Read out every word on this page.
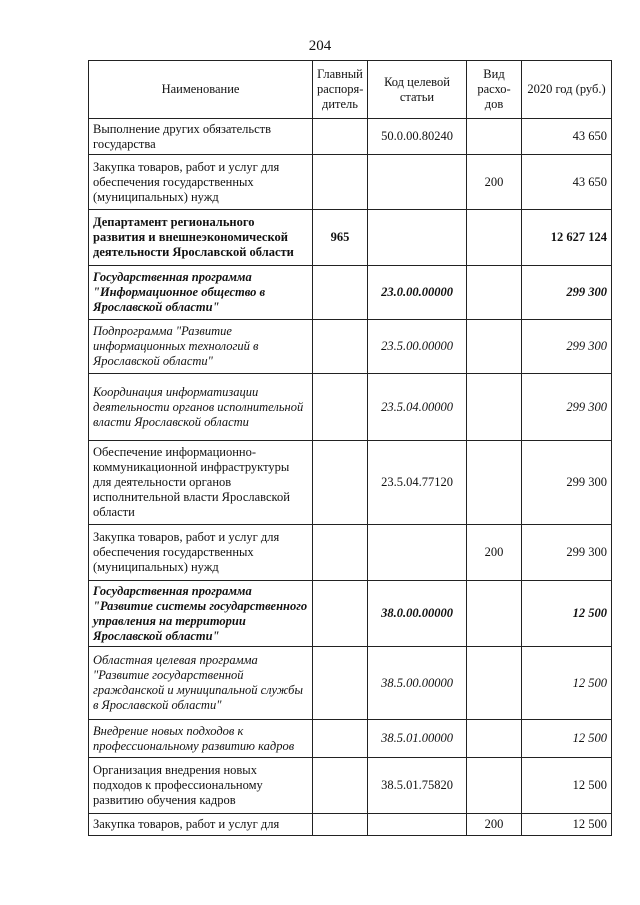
204
Наименование	Главный распоря-дитель	Код целевой статьи	Вид расхо-дов	2020 год (руб.)
Выполнение других обязательств государства		50.0.00.80240		43 650
Закупка товаров, работ и услуг для обеспечения государственных (муниципальных) нужд			200	43 650
Департамент регионального развития и внешнеэкономической деятельности Ярославской области	965			12 627 124
Государственная программа "Информационное общество в Ярославской области"		23.0.00.00000		299 300
Подпрограмма "Развитие информационных технологий в Ярославской области"		23.5.00.00000		299 300
Координация информатизации деятельности органов исполнительной власти Ярославской области		23.5.04.00000		299 300
Обеспечение информационно-коммуникационной инфраструктуры для деятельности органов исполнительной власти Ярославской области		23.5.04.77120		299 300
Закупка товаров, работ и услуг для обеспечения государственных (муниципальных) нужд			200	299 300
Государственная программа "Развитие системы государственного управления на территории Ярославской области"		38.0.00.00000		12 500
Областная целевая программа "Развитие государственной гражданской и муниципальной службы в Ярославской области"		38.5.00.00000		12 500
Внедрение новых подходов к профессиональному развитию кадров		38.5.01.00000		12 500
Организация внедрения новых подходов к профессиональному развитию обучения кадров		38.5.01.75820		12 500
Закупка товаров, работ и услуг для			200	12 500
